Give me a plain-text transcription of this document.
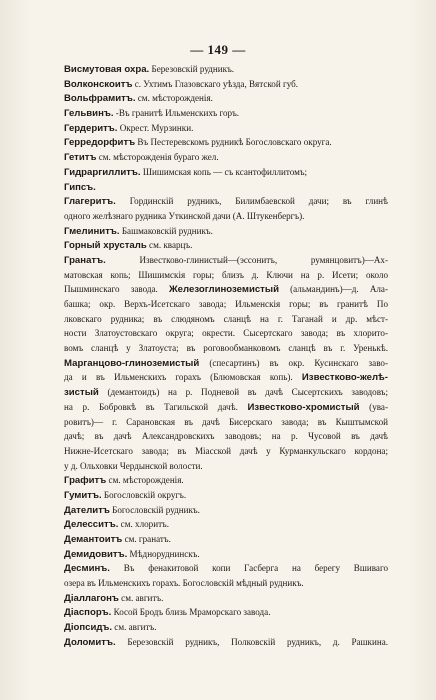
— 149 —
Висмутовая охра. Березовскій рудникъ.
Волконскоитъ с. Ухтимъ Глазовскаго уѣзда, Вятской губ.
Вольфрамитъ. см. мѣсторожденія.
Гельвинъ. -Въ гранитѣ Ильменскихъ горъ.
Гердеритъ. Окрест. Мурзинки.
Герредорфитъ Въ Пестеревскомъ рудникѣ Богословскаго округа.
Гетитъ см. мѣсторожденія бураго жел.
Гидраргиллитъ. Шишимская копь — съ ксантофиллитомъ;
Гипсъ.
Глагеритъ. Гординскій рудникъ, Билимбаевской дачи; въ глинѣ
одного желѣзнаго рудника Уткинской дачи (А. Штукенбергъ).
Гмелинитъ. Башмаковскій рудникъ.
Горный хрусталь см. кварцъ.
Гранатъ. Известково-глинистый—(эссонитъ, румянцовитъ)—Ах-
матовская копь; Шишимскія горы; близъ д. Ключи на р. Исети; около
Пышминскаго завода. Железоглиноземистый (альмандинъ)—д. Ала-
башка; окр. Верхъ-Исетскаго завода; Ильменскія горы; въ гранитѣ По
лковскаго рудника; въ слюдяномъ сланцѣ на г. Таганай и др. мѣст-
ности Златоустовскаго округа; окрести. Сысертскаго завода; въ хлорито-
вомъ сланцѣ у Златоуста; въ роговообманковомъ сланцѣ въ г. Уренькѣ.
Марганцово-глиноземистый (спесартинъ) въ окр. Кусинскаго заво-
да и въ Ильменскихъ горахъ (Блюмовская копь). Известково-желѣ-
зистый (демантоидъ) на р. Подневой въ дачѣ Сысертскихъ заводовъ;
на р. Бобровкѣ въ Тагильской дачѣ. Известково-хромистый (ува-
ровитъ)— г. Сарановская въ дачѣ Бисерскаго завода; въ Кыштымской
дачѣ; въ дачѣ Александровскихъ заводовъ; на р. Чусовой въ дачѣ
Нижне-Исетскаго завода; въ Міасской дачѣ у Курманкульскаго кордона;
у д. Ольховки Чердынской волости.
Графитъ см. мѣсторожденія.
Гумитъ. Богословскій округъ.
Дателитъ Богословскій рудникъ.
Делесситъ. см. хлоритъ.
Демантоитъ см. гранатъ.
Демидовитъ. Мѣдноруднинскъ.
Десминъ. Въ фенакитовой копи Гасберга на берегу Вшиваго
озера въ Ильменскихъ горахъ. Богословскій мѣдный рудникъ.
Діаллагонъ см. авгитъ.
Діаспоръ. Косой Бродъ близь Мраморскаго завода.
Діопсидъ. см. авгитъ.
Доломитъ. Березовскій рудникъ, Полковскій рудникъ, д. Рашкина.
